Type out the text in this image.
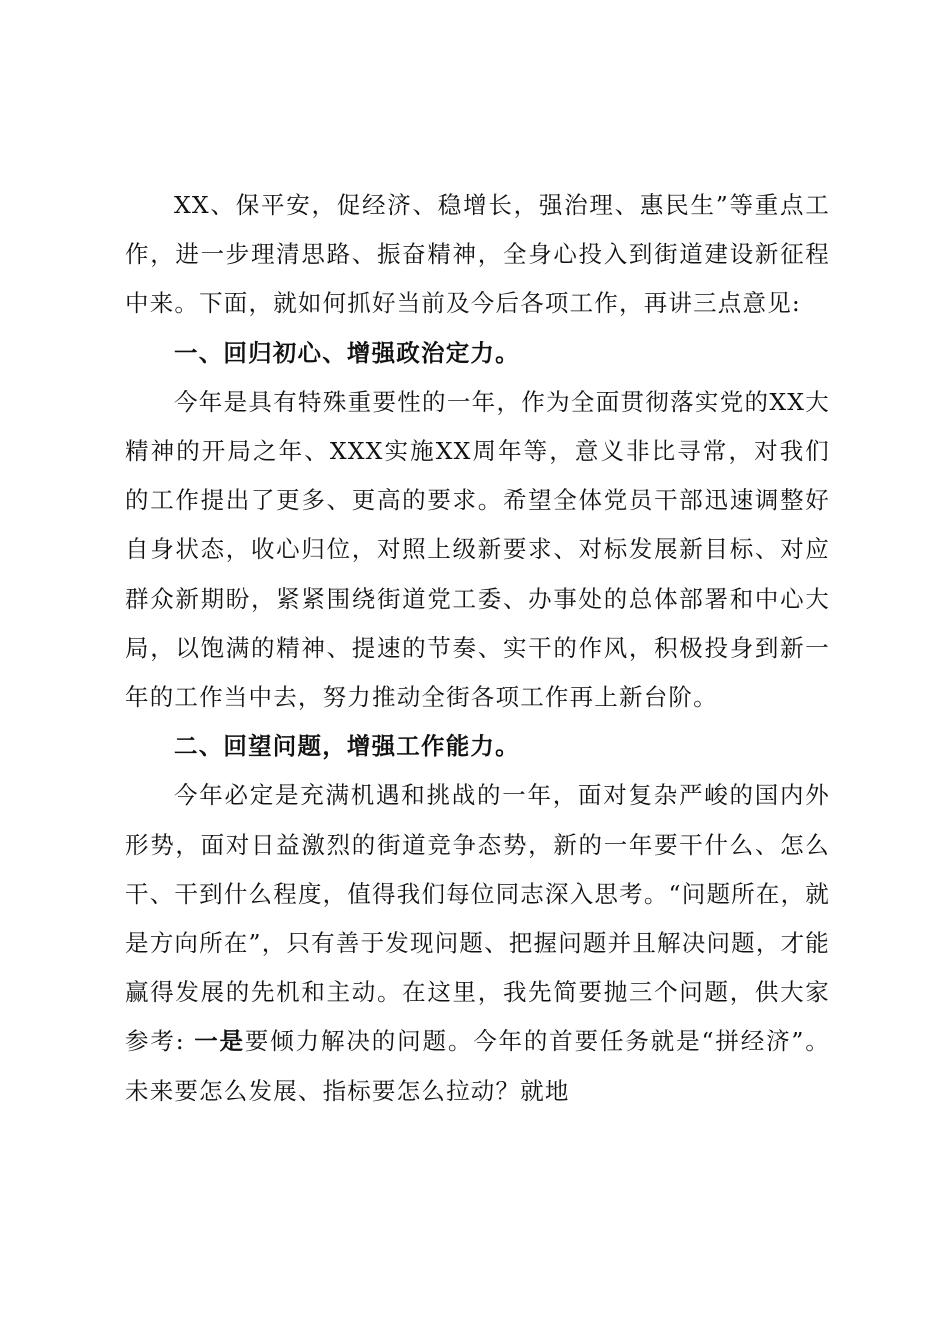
XX、保平安，促经济、稳增长，强治理、惠民生”等重点工作，进一步理清思路、振奋精神，全身心投入到街道建设新征程中来。下面，就如何抓好当前及今后各项工作，再讲三点意见:

一、回归初心、增强政治定力。

今年是具有特殊重要性的一年，作为全面贯彻落实党的XX大精神的开局之年、XXX实施XX周年等，意义非比寻常，对我们的工作提出了更多、更高的要求。希望全体党员干部迅速调整好自身状态，收心归位，对照上级新要求、对标发展新目标、对应群众新期盼，紧紧围绕街道党工委、办事处的总体部署和中心大局，以饱满的精神、提速的节奏、实干的作风，积极投身到新一年的工作当中去，努力推动全街各项工作再上新台阶。

二、回望问题，增强工作能力。

今年必定是充满机遇和挑战的一年，面对复杂严峻的国内外形势，面对日益激烈的街道竞争态势，新的一年要干什么、怎么干、干到什么程度，值得我们每位同志深入思考。“问题所在，就是方向所在”，只有善于发现问题、把握问题并且解决问题，才能赢得发展的先机和主动。在这里，我先简要抛三个问题，供大家参考: 一是要倾力解决的问题。今年的首要任务就是“拼经济”。未来要怎么发展、指标要怎么拉动？就地
